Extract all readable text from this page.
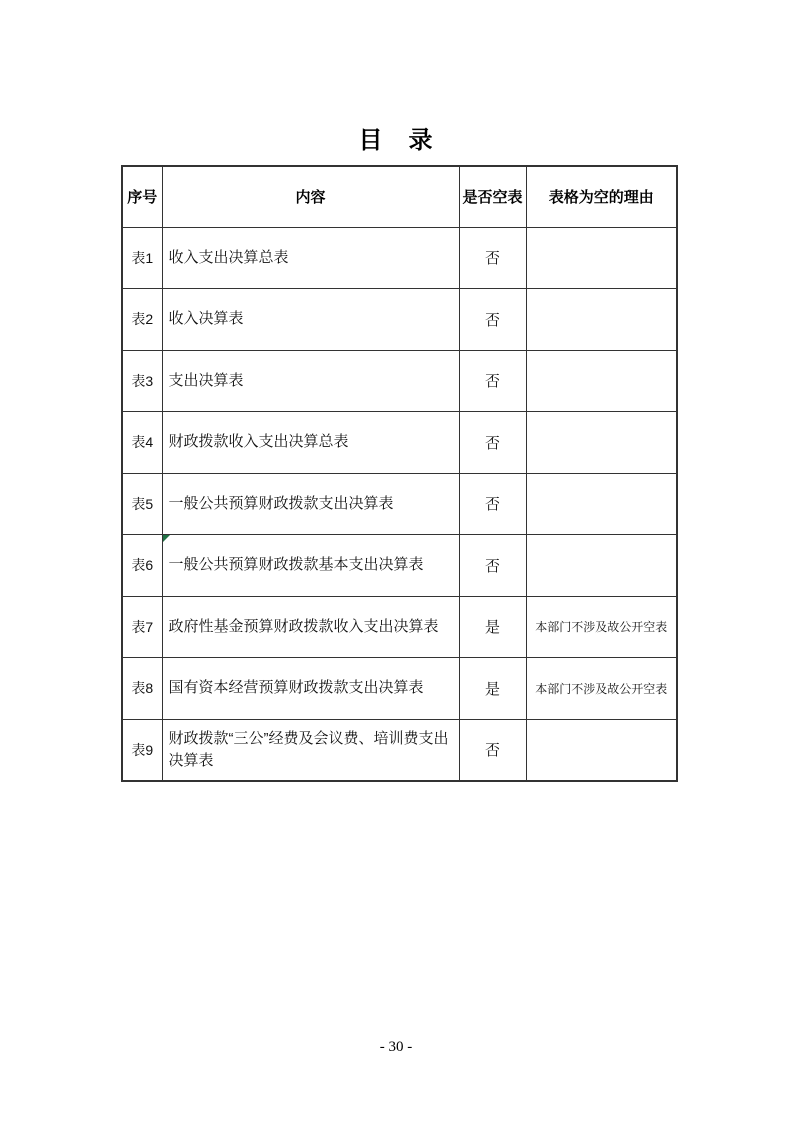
目　录
序号	内容	是否空表	表格为空的理由
表1	收入支出决算总表	否	
表2	收入决算表	否	
表3	支出决算表	否	
表4	财政拨款收入支出决算总表	否	
表5	一般公共预算财政拨款支出决算表	否	
表6	一般公共预算财政拨款基本支出决算表	否	
表7	政府性基金预算财政拨款收入支出决算表	是	本部门不涉及故公开空表
表8	国有资本经营预算财政拨款支出决算表	是	本部门不涉及故公开空表
表9	财政拨款“三公”经费及会议费、培训费支出决算表	否	
- 30 -
